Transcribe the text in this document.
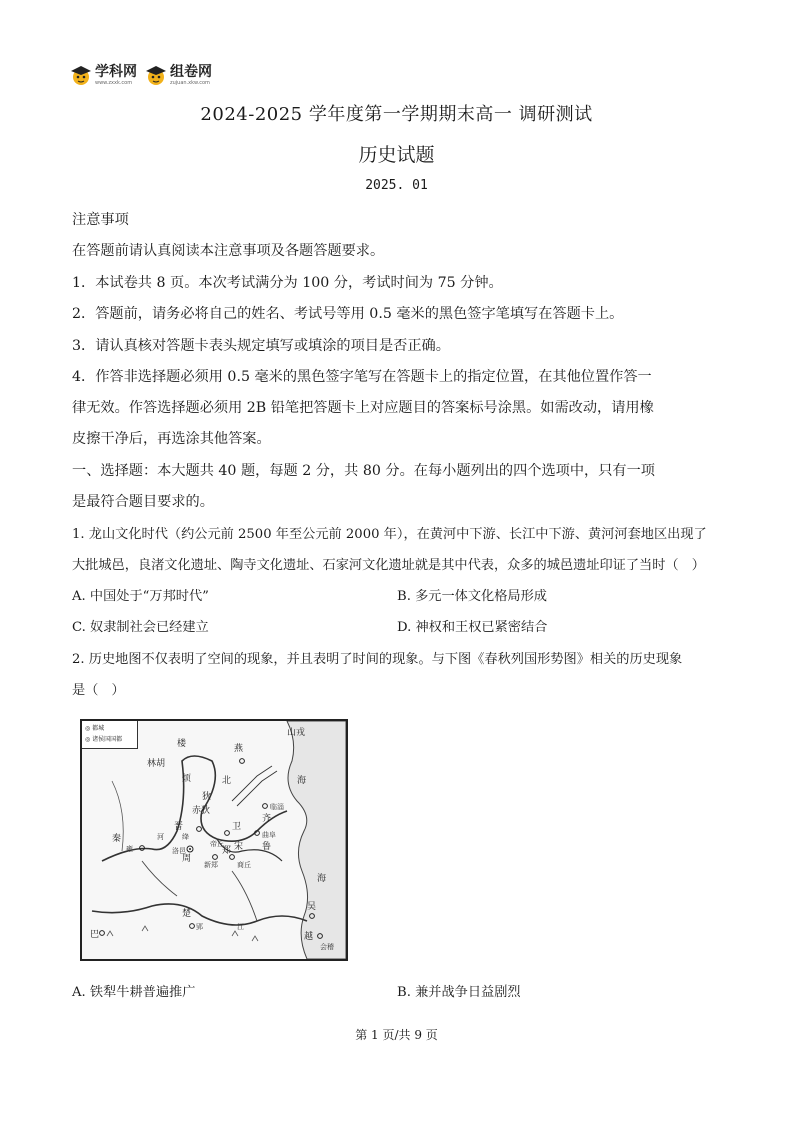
学科网
www.zxxk.com
组卷网
zujuan.xkw.com
2024-2025 学年度第一学期期末高一 调研测试
历史试题
2025. 01
注意事项
在答题前请认真阅读本注意事项及各题答题要求。
1．本试卷共 8 页。本次考试满分为 100 分，考试时间为 75 分钟。
2．答题前，请务必将自己的姓名、考试号等用 0.5 毫米的黑色签字笔填写在答题卡上。
3．请认真核对答题卡表头规定填写或填涂的项目是否正确。
4．作答非选择题必须用 0.5 毫米的黑色签字笔写在答题卡上的指定位置，在其他位置作答一
律无效。作答选择题必须用 2B 铅笔把答题卡上对应题目的答案标号涂黑。如需改动，请用橡
皮擦干净后，再选涂其他答案。
一、选择题：本大题共 40 题，每题 2 分，共 80 分。在每小题列出的四个选项中，只有一项
是最符合题目要求的。
1. 龙山文化时代（约公元前 2500 年至公元前 2000 年），在黄河中下游、长江中下游、黄河河套地区出现了
大批城邑，良渚文化遗址、陶寺文化遗址、石家河文化遗址就是其中代表，众多的城邑遗址印证了当时（　）
A. 中国处于“万邦时代”	B. 多元一体文化格局形成
C. 奴隶制社会已经建立	D. 神权和王权已紧密结合
2. 历史地图不仅表明了空间的现象，并且表明了时间的现象。与下图《春秋列国形势图》相关的历史现象
是（　）
山戎
楼
林胡
烦
燕
北
狄
海
临淄
赤狄
卫
齐
晋
绛	曲阜
秦
雍
周
洛邑	郑
新郑	商丘
宋
帝丘
吴
楚
郢
巴	越
会稽
海
鲁
河
江
◎ 都城
◎ 诸侯国国都
A. 铁犁牛耕普遍推广	B. 兼并战争日益剧烈
第 1 页/共 9 页
